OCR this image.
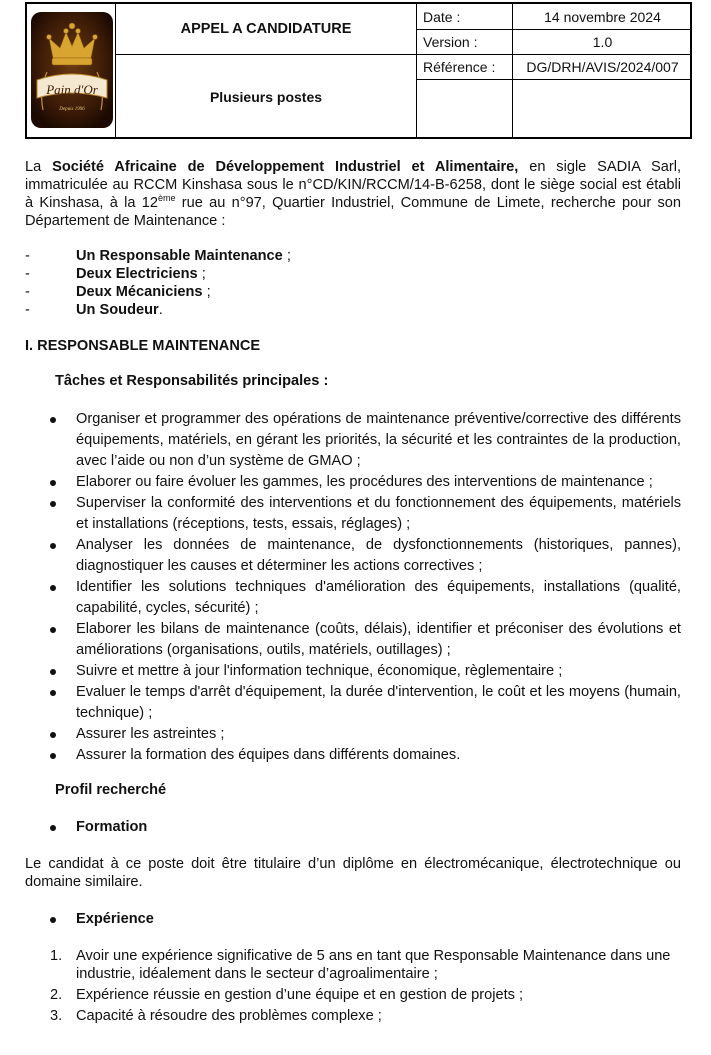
Pain d'Or
Depuis 1996
APPEL A CANDIDATURE
Plusieurs postes
Date :	14 novembre 2024
Version :	1.0
Référence :	DG/DRH/AVIS/2024/007

La Société Africaine de Développement Industriel et Alimentaire, en sigle SADIA Sarl, immatriculée au RCCM Kinshasa sous le n°CD/KIN/RCCM/14-B-6258, dont le siège social est établi à Kinshasa, à la 12ème rue au n°97, Quartier Industriel, Commune de Limete, recherche pour son Département de Maintenance :

-	Un Responsable Maintenance ;
-	Deux Electriciens ;
-	Deux Mécaniciens ;
-	Un Soudeur.
I. RESPONSABLE MAINTENANCE
Tâches et Responsabilités principales :
Organiser et programmer des opérations de maintenance préventive/corrective des différents équipements, matériels, en gérant les priorités, la sécurité et les contraintes de la production, avec l’aide ou non d’un système de GMAO ;
Elaborer ou faire évoluer les gammes, les procédures des interventions de maintenance ;
Superviser la conformité des interventions et du fonctionnement des équipements, matériels et installations (réceptions, tests, essais, réglages) ;
Analyser les données de maintenance, de dysfonctionnements (historiques, pannes), diagnostiquer les causes et déterminer les actions correctives ;
Identifier les solutions techniques d'amélioration des équipements, installations (qualité, capabilité, cycles, sécurité) ;
Elaborer les bilans de maintenance (coûts, délais), identifier et préconiser des évolutions et améliorations (organisations, outils, matériels, outillages) ;
Suivre et mettre à jour l'information technique, économique, règlementaire ;
Evaluer le temps d'arrêt d'équipement, la durée d'intervention, le coût et les moyens (humain, technique) ;
Assurer les astreintes ;
Assurer la formation des équipes dans différents domaines.
Profil recherché
Formation

Le candidat à ce poste doit être titulaire d’un diplôme en électromécanique, électrotechnique ou domaine similaire.

Expérience
1. Avoir une expérience significative de 5 ans en tant que Responsable Maintenance dans une industrie, idéalement dans le secteur d’agroalimentaire ;
2. Expérience réussie en gestion d’une équipe et en gestion de projets ;
3. Capacité à résoudre des problèmes complexe ;
